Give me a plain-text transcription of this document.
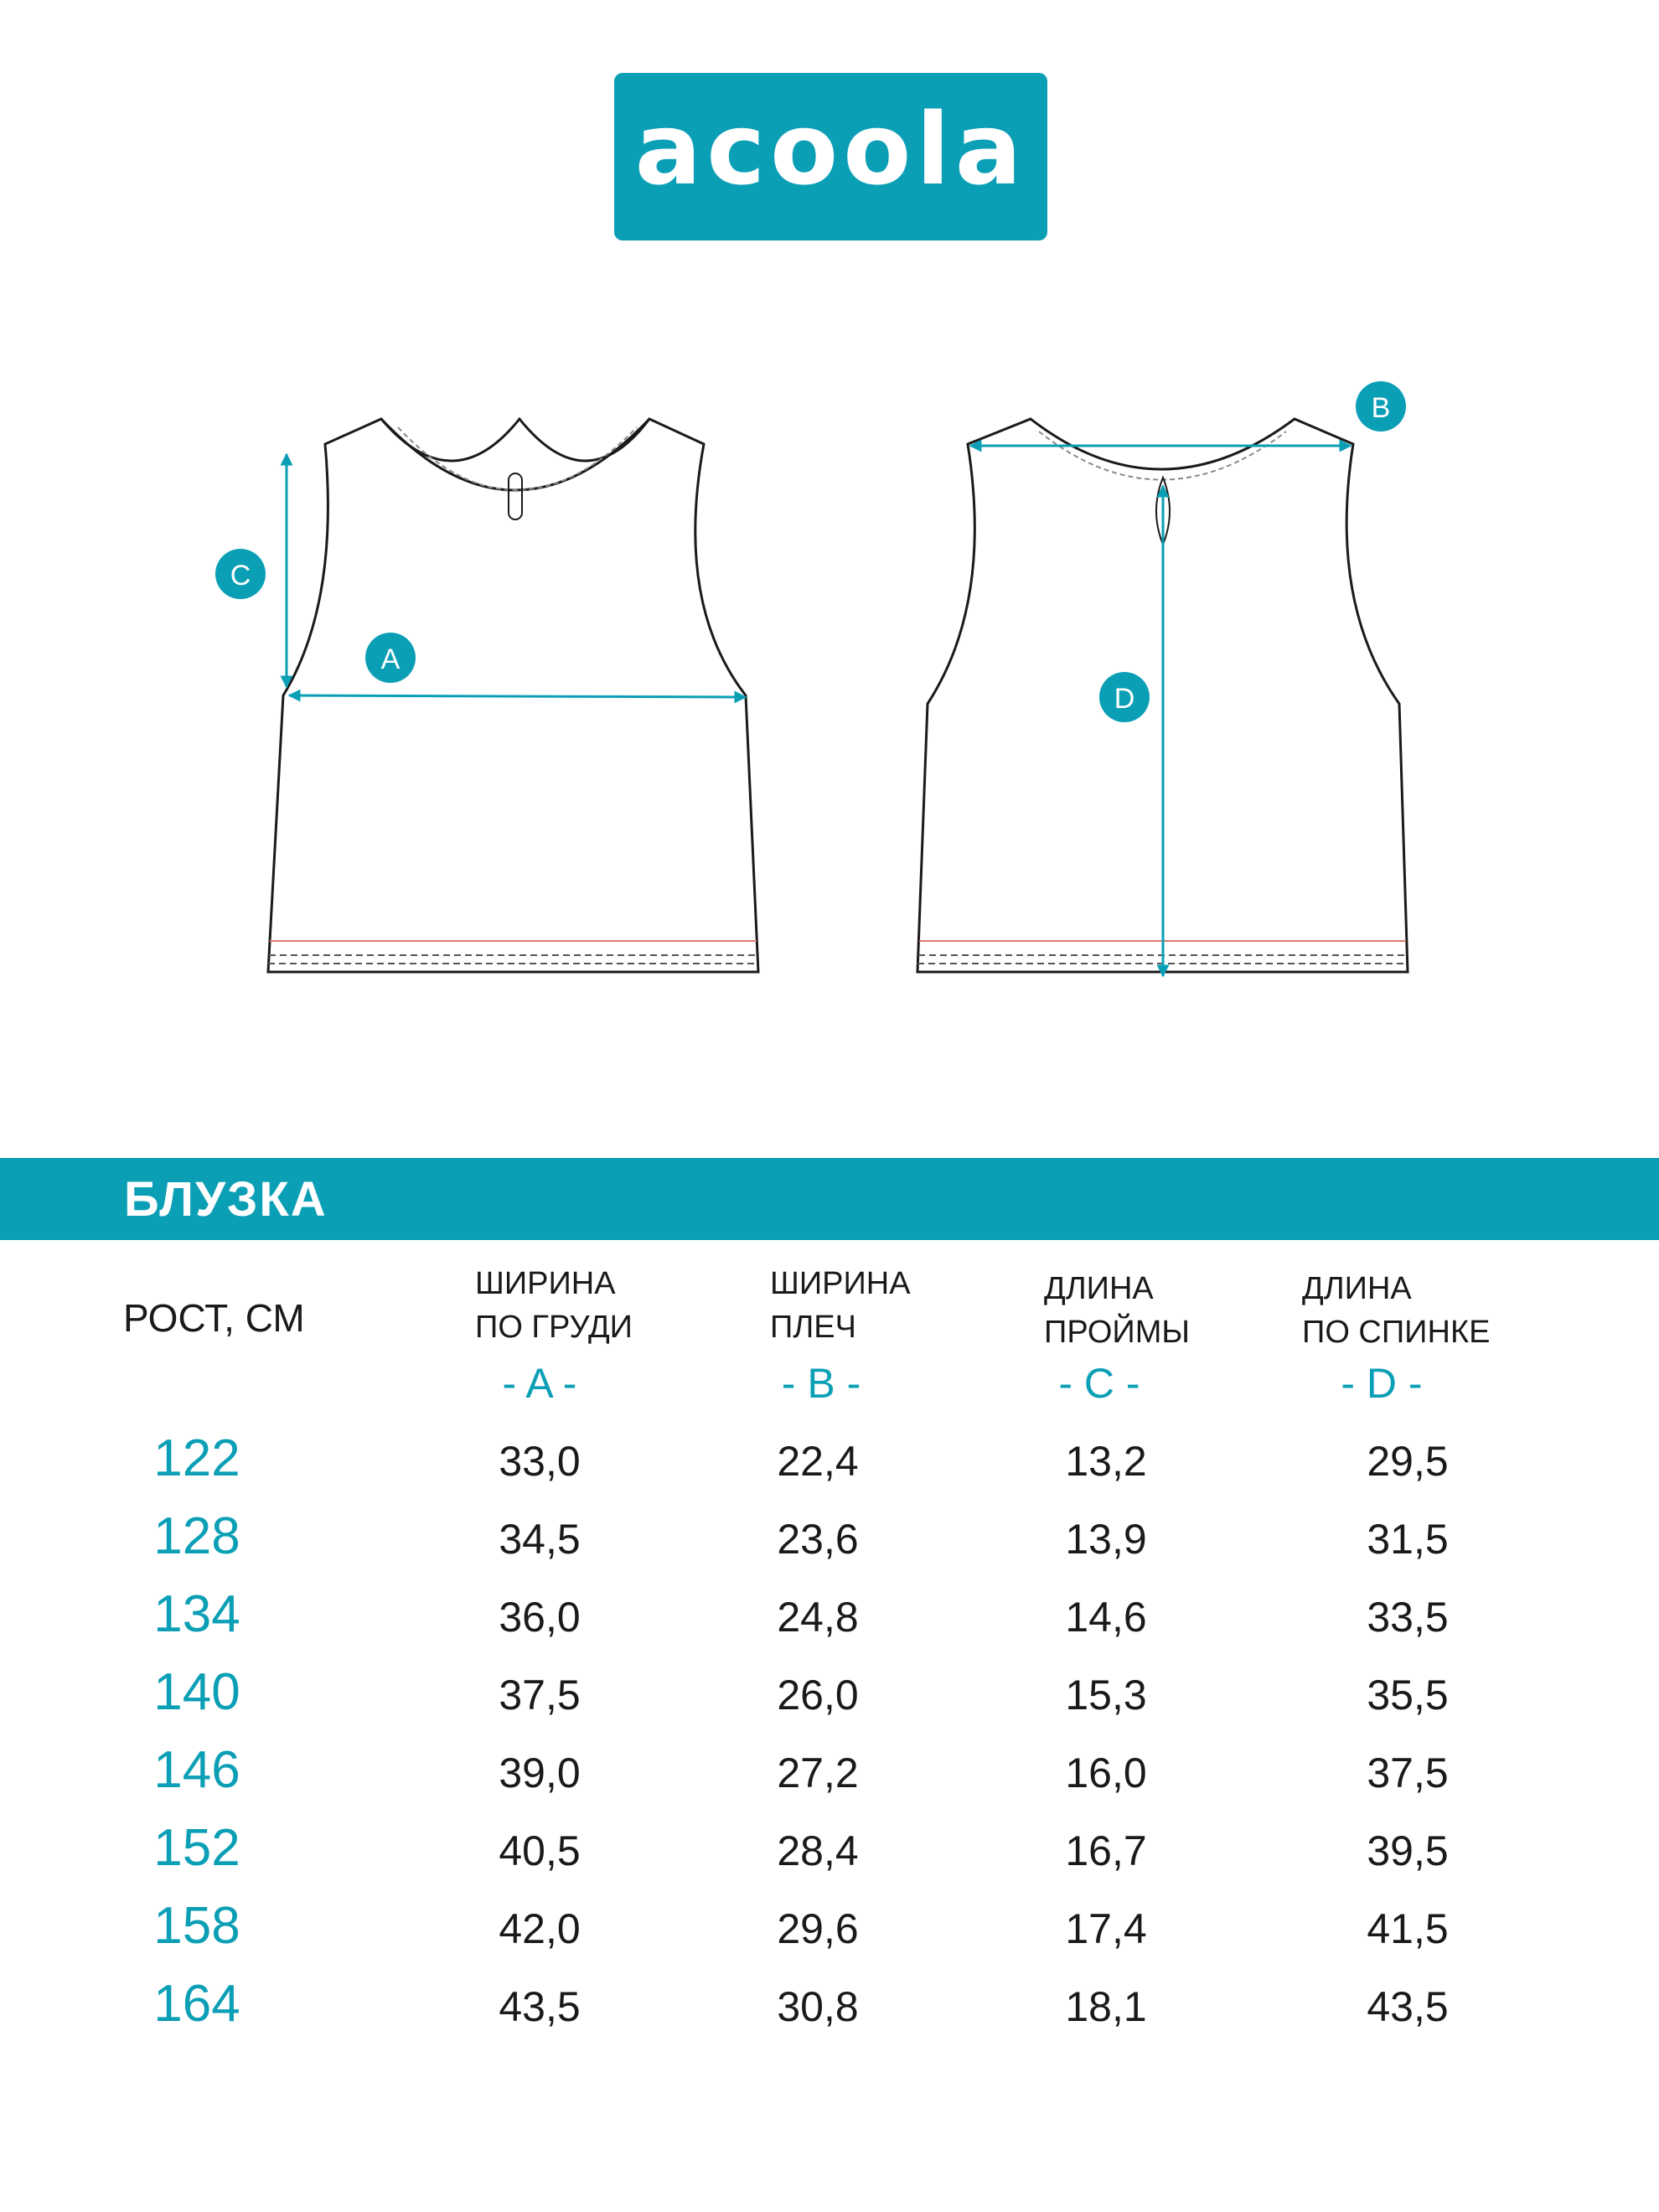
acoola
C
A
B
D
БЛУЗКА
РОСТ, СМ
ШИРИНА
ПО ГРУДИ
ШИРИНА
ПЛЕЧ
ДЛИНА
ПРОЙМЫ
ДЛИНА
ПО СПИНКЕ
- A -	- B -	- C -	- D -
122	33,0	22,4	13,2	29,5
128	34,5	23,6	13,9	31,5
134	36,0	24,8	14,6	33,5
140	37,5	26,0	15,3	35,5
146	39,0	27,2	16,0	37,5
152	40,5	28,4	16,7	39,5
158	42,0	29,6	17,4	41,5
164	43,5	30,8	18,1	43,5
